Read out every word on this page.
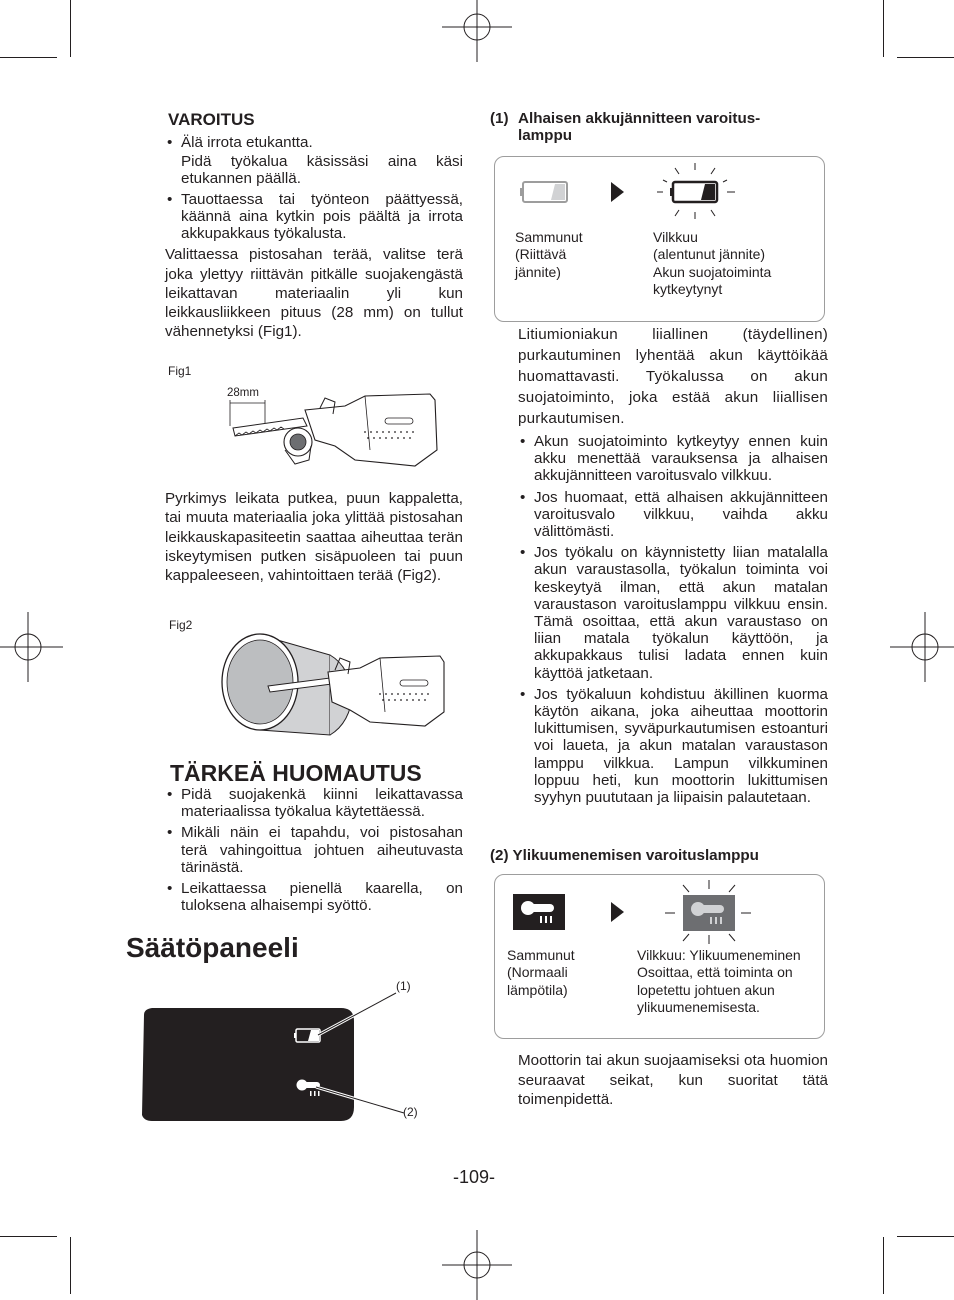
VAROITUS
• Älä irrota etukantta.
Pidä työkalua käsissäsi aina käsi etukannen päällä.
• Tauottaessa tai työnteon päättyessä, käännä aina kytkin pois päältä ja irrota akkupakkaus työkalusta.
Valittaessa pistosahan terää, valitse terä joka ylettyy riittävän pitkälle suojakengästä leikattavan materiaalin yli kun leikkausliikkeen pituus (28 mm) on tullut vähennetyksi (Fig1).
Fig1
28mm
Pyrkimys leikata putkea, puun kappaletta, tai muuta materiaalia joka ylittää pistosahan leikkauskapasiteetin saattaa aiheuttaa terän iskeytymisen putken sisäpuoleen tai puun kappaleeseen, vahintoittaen terää (Fig2).
Fig2
TÄRKEÄ HUOMAUTUS
• Pidä suojakenkä kiinni leikattavassa materiaalissa työkalua käytettäessä.
• Mikäli näin ei tapahdu, voi pistosahan terä vahingoittua johtuen aiheutuvasta tärinästä.
• Leikattaessa pienellä kaarella, on tuloksena alhaisempi syöttö.
Säätöpaneeli
(1)
(2)
(1) Alhaisen akkujännitteen varoitus-
lamppu
Sammunut
(Riittävä
jännite)
Vilkkuu
(alentunut jännite)
Akun suojatoiminta
kytkeytynyt
Litiumioniakun liiallinen (täydellinen) purkautuminen lyhentää akun käyttöikää huomattavasti. Työkalussa on akun suojatoiminto, joka estää akun liiallisen purkautumisen.
• Akun suojatoiminto kytkeytyy ennen kuin akku menettää varauksensa ja alhaisen akkujännitteen varoitusvalo vilkkuu.
• Jos huomaat, että alhaisen akkujännitteen varoitusvalo vilkkuu, vaihda akku välittömästi.
• Jos työkalu on käynnistetty liian matalalla akun varaustasolla, työkalun toiminta voi keskeytyä ilman, että akun matalan varaustason varoituslamppu vilkkuu ensin. Tämä osoittaa, että akun varaustaso on liian matala työkalun käyttöön, ja akkupakkaus tulisi ladata ennen kuin käyttöä jatketaan.
• Jos työkaluun kohdistuu äkillinen kuorma käytön aikana, joka aiheuttaa moottorin lukittumisen, syväpurkautumisen estoanturi voi laueta, ja akun matalan varaustason lamppu vilkkua. Lampun vilkkuminen loppuu heti, kun moottorin lukittumisen syyhyn puututaan ja liipaisin palautetaan.
(2) Ylikuumenemisen varoituslamppu
Sammunut
(Normaali
lämpötila)
Vilkkuu: Ylikuumeneminen
Osoittaa, että toiminta on
lopetettu johtuen akun
ylikuumenemisesta.
Moottorin tai akun suojaamiseksi ota huomion seuraavat seikat, kun suoritat tätä toimenpidettä.
-109-
